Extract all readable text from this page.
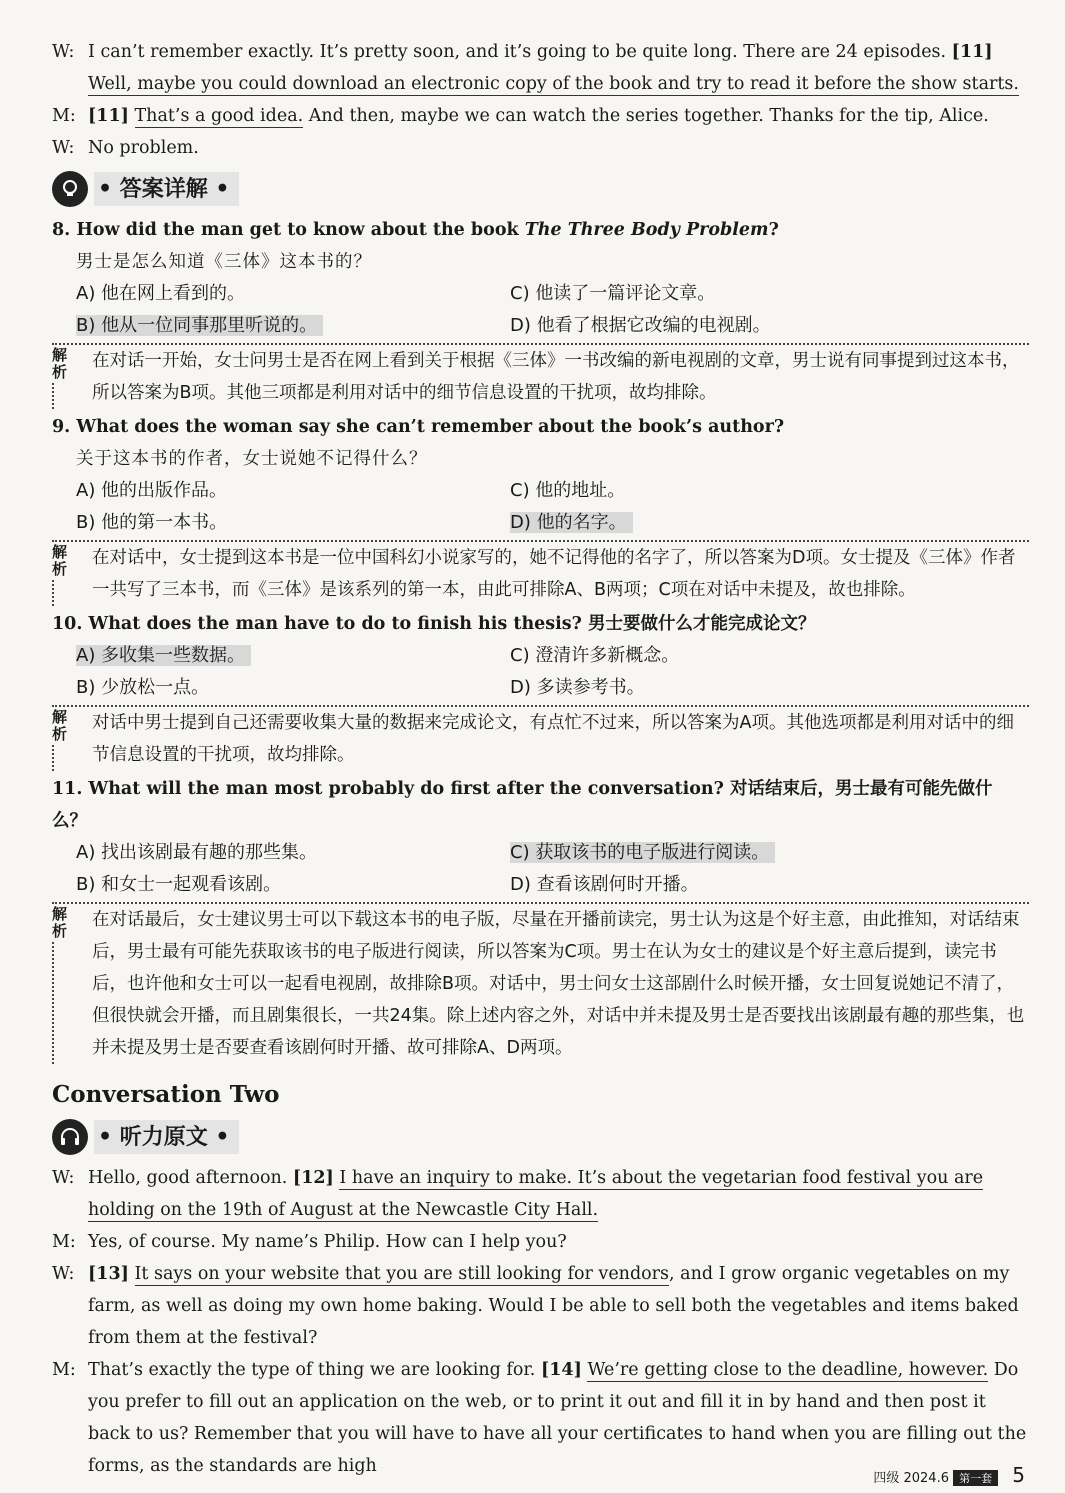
W: I can’t remember exactly. It’s pretty soon, and it’s going to be quite long. There are 24 episodes. [11] Well, maybe you could download an electronic copy of the book and try to read it before the show starts.
M: [11] That’s a good idea. And then, maybe we can watch the series together. Thanks for the tip, Alice.
W: No problem.
• 答案详解 •
8. How did the man get to know about the book The Three Body Problem?
男士是怎么知道《三体》这本书的？
A) 他在网上看到的。	C) 他读了一篇评论文章。
B) 他从一位同事那里听说的。	D) 他看了根据它改编的电视剧。
解析
在对话一开始，女士问男士是否在网上看到关于根据《三体》一书改编的新电视剧的文章，男士说有同事提到过这本书，所以答案为B项。其他三项都是利用对话中的细节信息设置的干扰项，故均排除。
9. What does the woman say she can’t remember about the book’s author?
关于这本书的作者，女士说她不记得什么？
A) 他的出版作品。	C) 他的地址。
B) 他的第一本书。	D) 他的名字。
解析
在对话中，女士提到这本书是一位中国科幻小说家写的，她不记得他的名字了，所以答案为D项。女士提及《三体》作者一共写了三本书，而《三体》是该系列的第一本，由此可排除A、B两项；C项在对话中未提及，故也排除。
10. What does the man have to do to finish his thesis? 男士要做什么才能完成论文？
A) 多收集一些数据。	C) 澄清许多新概念。
B) 少放松一点。	D) 多读参考书。
解析
对话中男士提到自己还需要收集大量的数据来完成论文，有点忙不过来，所以答案为A项。其他选项都是利用对话中的细节信息设置的干扰项，故均排除。
11. What will the man most probably do first after the conversation? 对话结束后，男士最有可能先做什么？
A) 找出该剧最有趣的那些集。	C) 获取该书的电子版进行阅读。
B) 和女士一起观看该剧。	D) 查看该剧何时开播。
解析
在对话最后，女士建议男士可以下载这本书的电子版，尽量在开播前读完，男士认为这是个好主意，由此推知，对话结束后，男士最有可能先获取该书的电子版进行阅读，所以答案为C项。男士在认为女士的建议是个好主意后提到，读完书后，也许他和女士可以一起看电视剧，故排除B项。对话中，男士问女士这部剧什么时候开播，女士回复说她记不清了，但很快就会开播，而且剧集很长，一共24集。除上述内容之外，对话中并未提及男士是否要找出该剧最有趣的那些集，也并未提及男士是否要查看该剧何时开播、故可排除A、D两项。
Conversation Two
• 听力原文 •
W: Hello, good afternoon. [12] I have an inquiry to make. It’s about the vegetarian food festival you are holding on the 19th of August at the Newcastle City Hall.
M: Yes, of course. My name’s Philip. How can I help you?
W: [13] It says on your website that you are still looking for vendors, and I grow organic vegetables on my farm, as well as doing my own home baking. Would I be able to sell both the vegetables and items baked from them at the festival?
M: That’s exactly the type of thing we are looking for. [14] We’re getting close to the deadline, however. Do you prefer to fill out an application on the web, or to print it out and fill it in by hand and then post it back to us? Remember that you will have to have all your certificates to hand when you are filling out the forms, as the standards are high
四级 2024.6 第一套 5
